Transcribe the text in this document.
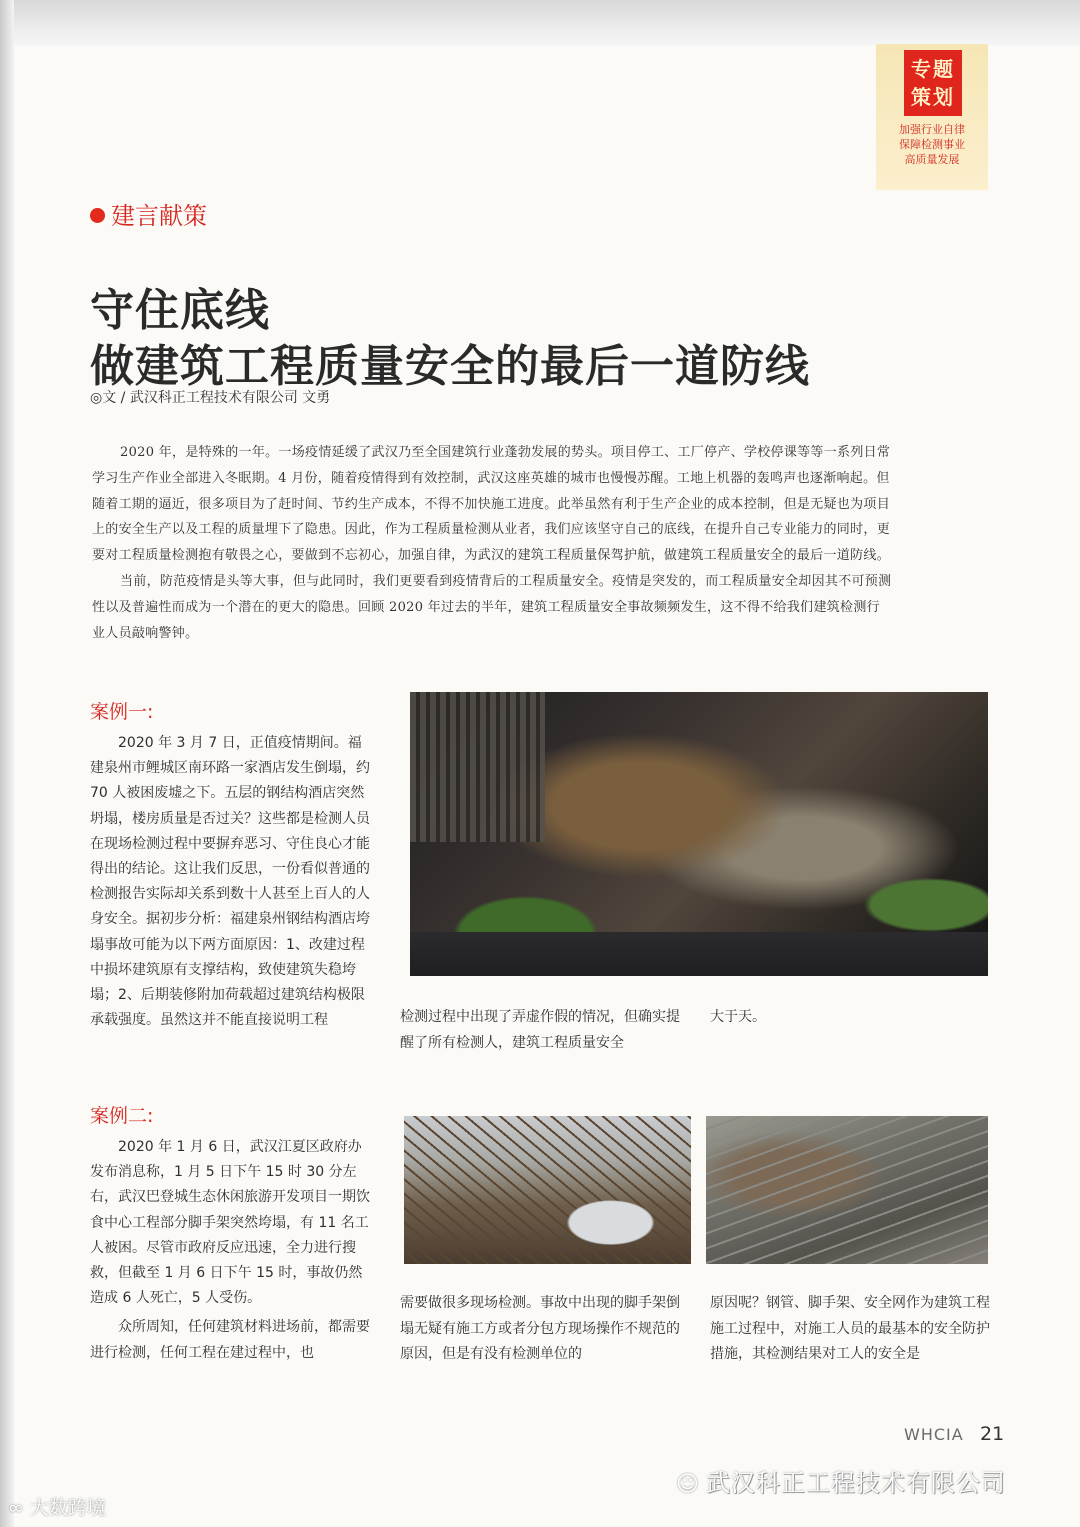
专题
策划
加强行业自律
保障检测事业
高质量发展
建言献策
守住底线
做建筑工程质量安全的最后一道防线
◎文 / 武汉科正工程技术有限公司 文勇

2020 年，是特殊的一年。一场疫情延缓了武汉乃至全国建筑行业蓬勃发展的势头。项目停工、工厂停产、学校停课等等一系列日常学习生产作业全部进入冬眠期。4 月份，随着疫情得到有效控制，武汉这座英雄的城市也慢慢苏醒。工地上机器的轰鸣声也逐渐响起。但随着工期的逼近，很多项目为了赶时间、节约生产成本，不得不加快施工进度。此举虽然有利于生产企业的成本控制，但是无疑也为项目上的安全生产以及工程的质量埋下了隐患。因此，作为工程质量检测从业者，我们应该坚守自己的底线，在提升自己专业能力的同时，更要对工程质量检测抱有敬畏之心，要做到不忘初心，加强自律，为武汉的建筑工程质量保驾护航，做建筑工程质量安全的最后一道防线。

当前，防范疫情是头等大事，但与此同时，我们更要看到疫情背后的工程质量安全。疫情是突发的，而工程质量安全却因其不可预测性以及普遍性而成为一个潜在的更大的隐患。回顾 2020 年过去的半年，建筑工程质量安全事故频频发生，这不得不给我们建筑检测行业人员敲响警钟。

案例一:

2020 年 3 月 7 日，正值疫情期间。福建泉州市鲤城区南环路一家酒店发生倒塌，约 70 人被困废墟之下。五层的钢结构酒店突然坍塌，楼房质量是否过关？这些都是检测人员在现场检测过程中要摒弃恶习、守住良心才能得出的结论。这让我们反思，一份看似普通的检测报告实际却关系到数十人甚至上百人的人身安全。据初步分析：福建泉州钢结构酒店垮塌事故可能为以下两方面原因：1、改建过程中损坏建筑原有支撑结构，致使建筑失稳垮塌；2、后期装修附加荷载超过建筑结构极限承载强度。虽然这并不能直接说明工程	检测过程中出现了弄虚作假的情况，但确实提醒了所有检测人，建筑工程质量安全
大于天。
案例二:

2020 年 1 月 6 日，武汉江夏区政府办发布消息称，1 月 5 日下午 15 时 30 分左右，武汉巴登城生态休闲旅游开发项目一期饮食中心工程部分脚手架突然垮塌，有 11 名工人被困。尽管市政府反应迅速，全力进行搜救，但截至 1 月 6 日下午 15 时，事故仍然造成 6 人死亡，5 人受伤。

众所周知，任何建筑材料进场前，都需要进行检测，任何工程在建过程中，也

需要做很多现场检测。事故中出现的脚手架倒塌无疑有施工方或者分包方现场操作不规范的原因，但是有没有检测单位的
原因呢？钢管、脚手架、安全网作为建筑工程施工过程中，对施工人员的最基本的安全防护措施，其检测结果对工人的安全是
WHCIA 21
☺ 武汉科正工程技术有限公司
∞ 大数跨境
